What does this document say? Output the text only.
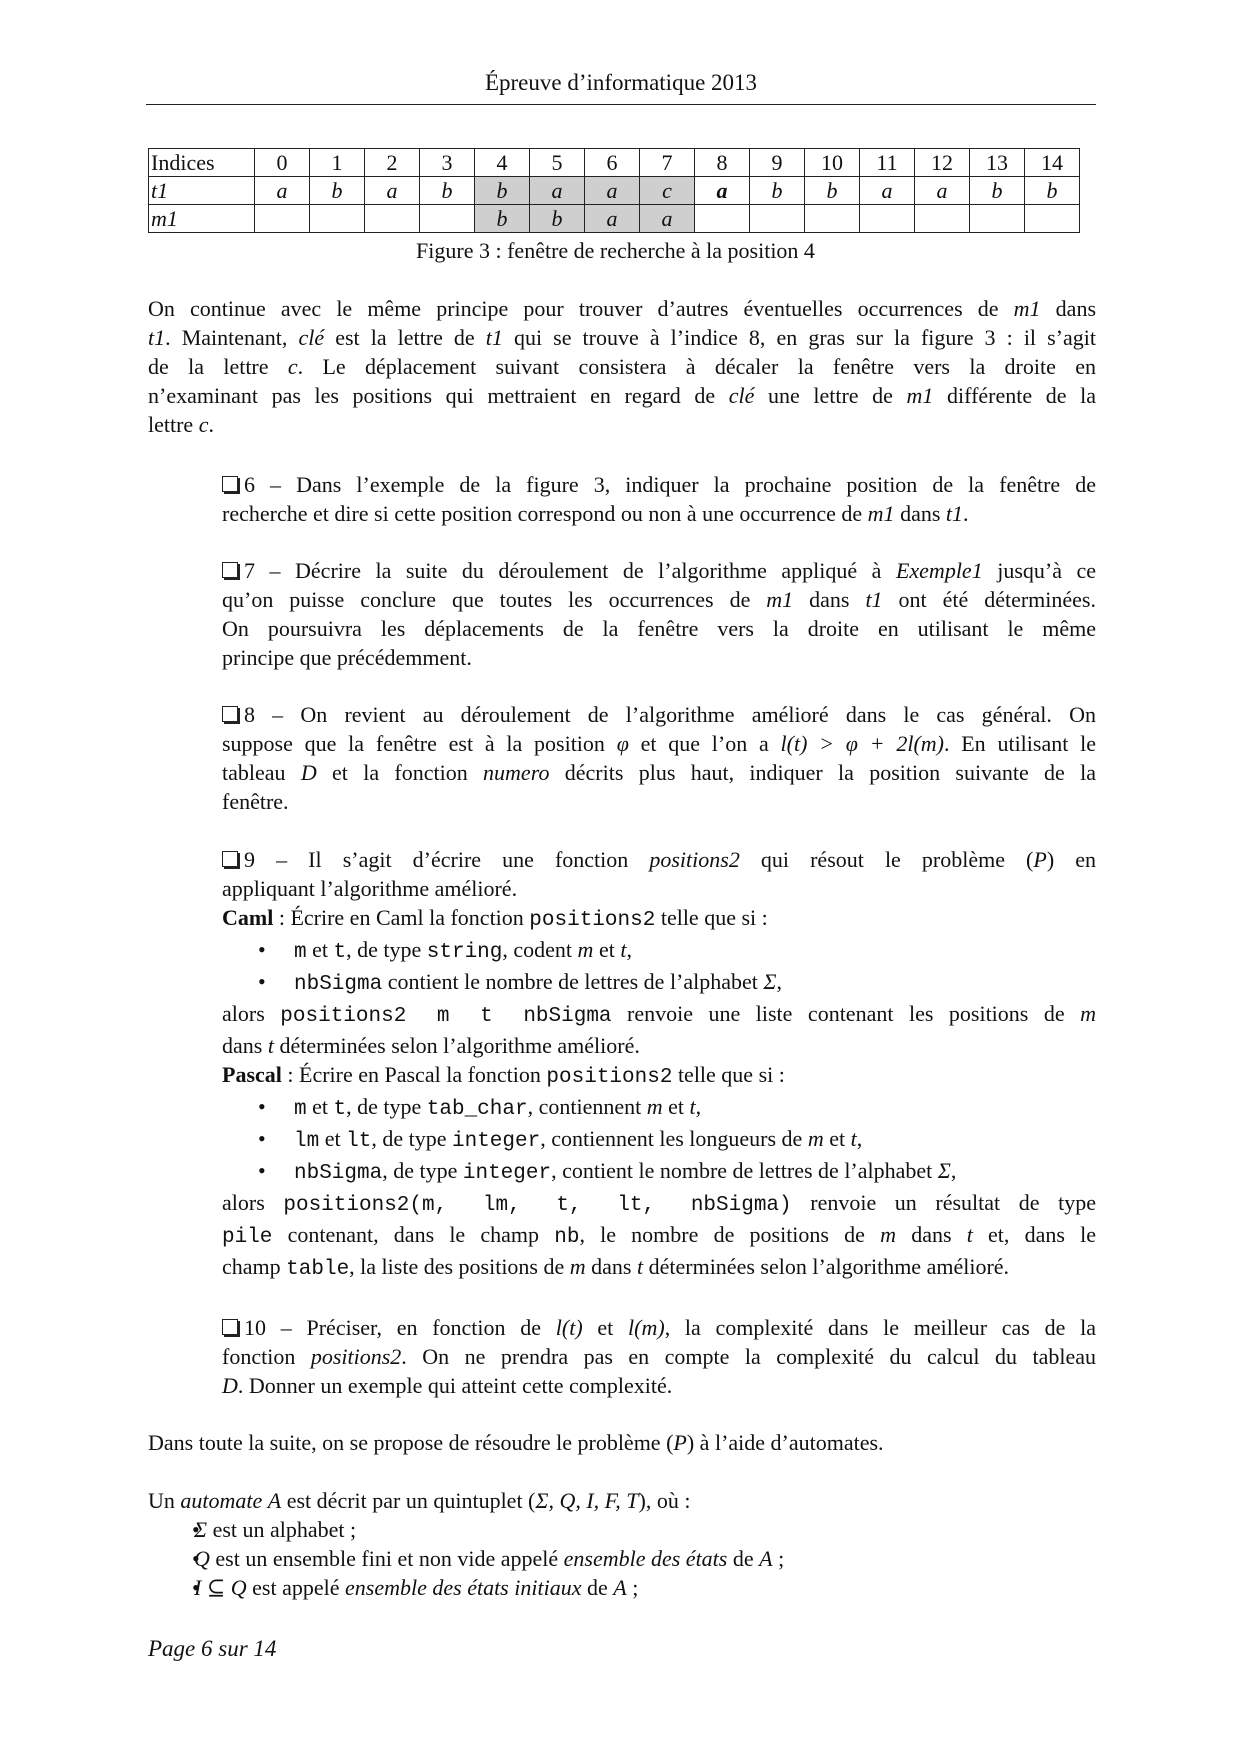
Épreuve d’informatique 2013
Indices	0	1	2	3	4	5	6	7	8	9	10	11	12	13	14
t1	a	b	a	b	b	a	a	c	a	b	b	a	a	b	b
m1					b	b	a	a							
Figure 3 : fenêtre de recherche à la position 4
On continue avec le même principe pour trouver d’autres éventuelles occurrences de m1 dans
t1. Maintenant, clé est la lettre de t1 qui se trouve à l’indice 8, en gras sur la figure 3 : il s’agit
de la lettre c. Le déplacement suivant consistera à décaler la fenêtre vers la droite en
n’examinant pas les positions qui mettraient en regard de clé une lettre de m1 différente de la
lettre c.
6 – Dans l’exemple de la figure 3, indiquer la prochaine position de la fenêtre de
recherche et dire si cette position correspond ou non à une occurrence de m1 dans t1.
7 – Décrire la suite du déroulement de l’algorithme appliqué à Exemple1 jusqu’à ce
qu’on puisse conclure que toutes les occurrences de m1 dans t1 ont été déterminées.
On poursuivra les déplacements de la fenêtre vers la droite en utilisant le même
principe que précédemment.
8 – On revient au déroulement de l’algorithme amélioré dans le cas général. On
suppose que la fenêtre est à la position φ et que l’on a l(t) > φ + 2l(m). En utilisant le
tableau D et la fonction numero décrits plus haut, indiquer la position suivante de la
fenêtre.
9 – Il s’agit d’écrire une fonction positions2 qui résout le problème (P) en
appliquant l’algorithme amélioré.
Caml : Écrire en Caml la fonction positions2 telle que si :
• m et t, de type string, codent m et t,
• nbSigma contient le nombre de lettres de l’alphabet Σ,
alors positions2 m t nbSigma renvoie une liste contenant les positions de m
dans t déterminées selon l’algorithme amélioré.
Pascal : Écrire en Pascal la fonction positions2 telle que si :
• m et t, de type tab_char, contiennent m et t,
• lm et lt, de type integer, contiennent les longueurs de m et t,
• nbSigma, de type integer, contient le nombre de lettres de l’alphabet Σ,
alors positions2(m, lm, t, lt, nbSigma) renvoie un résultat de type
pile contenant, dans le champ nb, le nombre de positions de m dans t et, dans le
champ table, la liste des positions de m dans t déterminées selon l’algorithme amélioré.
10 – Préciser, en fonction de l(t) et l(m), la complexité dans le meilleur cas de la
fonction positions2. On ne prendra pas en compte la complexité du calcul du tableau
D. Donner un exemple qui atteint cette complexité.
Dans toute la suite, on se propose de résoudre le problème (P) à l’aide d’automates.
Un automate A est décrit par un quintuplet (Σ, Q, I, F, T), où :
• Σ est un alphabet ;
• Q est un ensemble fini et non vide appelé ensemble des états de A ;
• I ⊆ Q est appelé ensemble des états initiaux de A ;
Page 6 sur 14
